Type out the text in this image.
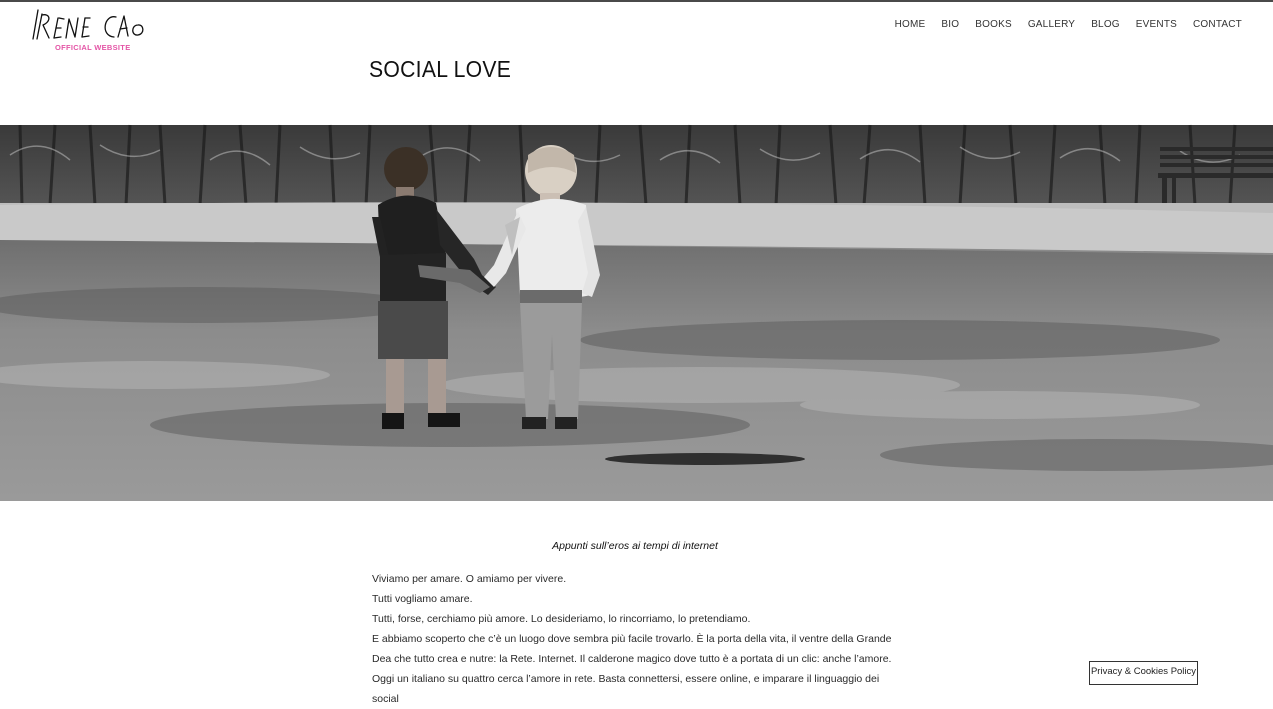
OFFICIAL WEBSITE
HOME BIO BOOKS GALLERY BLOG EVENTS CONTACT
SOCIAL LOVE
Appunti sull’eros ai tempi di internet

Viviamo per amare. O amiamo per vivere.

Tutti vogliamo amare.

Tutti, forse, cerchiamo più amore. Lo desideriamo, lo rincorriamo, lo pretendiamo.

E abbiamo scoperto che c’è un luogo dove sembra più facile trovarlo. È la porta della vita, il ventre della Grande Dea che tutto crea e nutre: la Rete. Internet. Il calderone magico dove tutto è a portata di un clic: anche l’amore.

Oggi un italiano su quattro cerca l’amore in rete. Basta connettersi, essere online, e imparare il linguaggio dei social

Privacy & Cookies Policy
